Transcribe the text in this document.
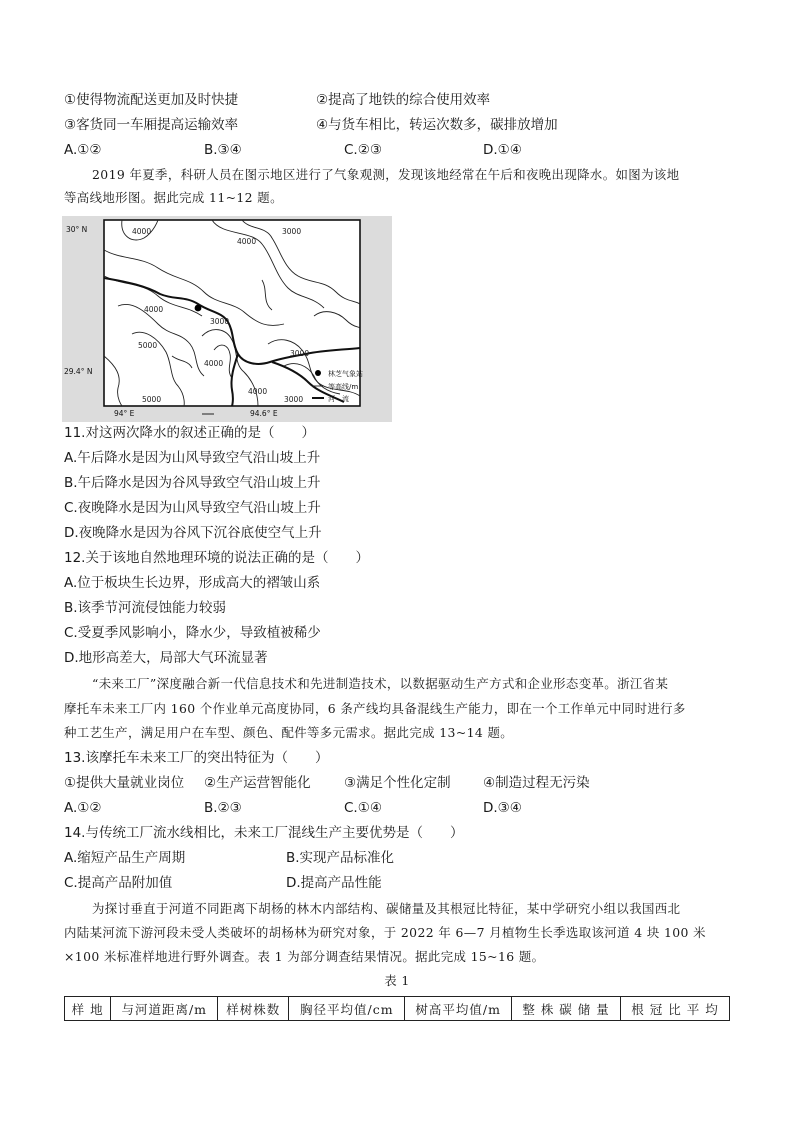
①使得物流配送更加及时快捷	②提高了地铁的综合使用效率
③客货同一车厢提高运输效率	④与货车相比，转运次数多，碳排放增加
A.①②	B.③④	C.②③	D.①④
2019 年夏季，科研人员在图示地区进行了气象观测，发现该地经常在午后和夜晚出现降水。如图为该地
等高线地形图。据此完成 11~12 题。
4000	3000
4000
4000
5000
3000
4000
5000
4000
3000
3000
30° N
29.4° N
94° E	94.6° E
林芝气象站
等高线/m
河　流
11.对这两次降水的叙述正确的是（　　）
A.午后降水是因为山风导致空气沿山坡上升
B.午后降水是因为谷风导致空气沿山坡上升
C.夜晚降水是因为山风导致空气沿山坡上升
D.夜晚降水是因为谷风下沉谷底使空气上升
12.关于该地自然地理环境的说法正确的是（　　）
A.位于板块生长边界，形成高大的褶皱山系
B.该季节河流侵蚀能力较弱
C.受夏季风影响小，降水少，导致植被稀少
D.地形高差大，局部大气环流显著
“未来工厂”深度融合新一代信息技术和先进制造技术，以数据驱动生产方式和企业形态变革。浙江省某
摩托车未来工厂内 160 个作业单元高度协同，6 条产线均具备混线生产能力，即在一个工作单元中同时进行多
种工艺生产，满足用户在车型、颜色、配件等多元需求。据此完成 13~14 题。
13.该摩托车未来工厂的突出特征为（　　）
①提供大量就业岗位 ②生产运营智能化 ③满足个性化定制 ④制造过程无污染
A.①②	B.②③	C.①④	D.③④
14.与传统工厂流水线相比，未来工厂混线生产主要优势是（　　）
A.缩短产品生产周期	B.实现产品标准化
C.提高产品附加值	D.提高产品性能
为探讨垂直于河道不同距离下胡杨的林木内部结构、碳储量及其根冠比特征，某中学研究小组以我国西北
内陆某河流下游河段未受人类破坏的胡杨林为研究对象，于 2022 年 6—7 月植物生长季选取该河道 4 块 100 米
×100 米标准样地进行野外调查。表 1 为部分调查结果情况。据此完成 15~16 题。
表 1
样 地	与河道距离/m	样树株数	胸径平均值/cm	树高平均值/m	整 株 碳 储 量	根 冠 比 平 均
